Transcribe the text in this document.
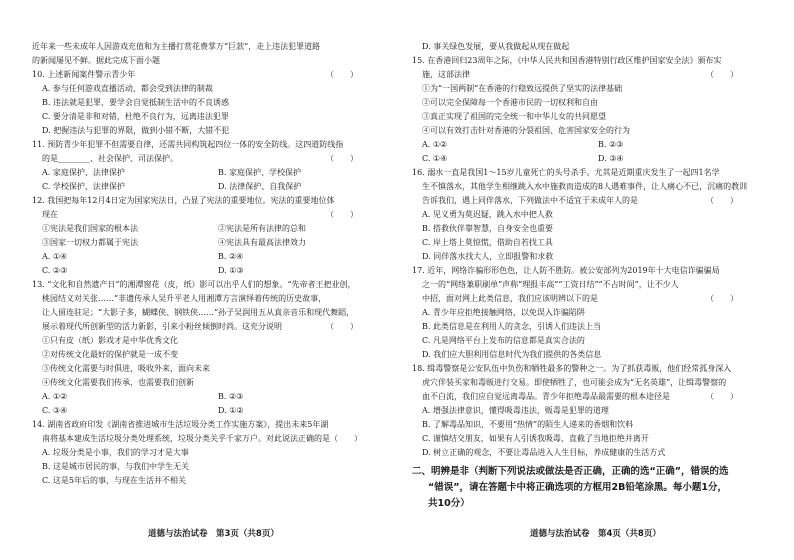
近年来一些未成年人因游戏充值和为主播打赏花费掌万“巨款”，走上违法犯罪道路
的新闻屡见不鲜。据此完成下面小题
10. 上述新闻案件警示青少年	（　　）
A. 参与任何游戏直播活动，都会受到法律的制裁
B. 违法就是犯罪，要学会自觉抵制生活中的不良诱惑
C. 要分清是非和对错，杜绝不良行为，远离违法犯罪
D. 把握违法与犯罪的界限，做到小错不断，大错不犯
11. 预防青少年犯罪不但需要自律，还需共同构筑起四位一体的安全防线。这四道防线指
的是________、社会保护、司法保护。	（　　）
A. 家庭保护、法律保护	B. 家庭保护、学校保护
C. 学校保护、法律保护	D. 法律保护、自我保护
12. 我国把每年12月4日定为国家宪法日，凸显了宪法的重要地位。宪法的重要地位体
现在	（　　）
①宪法是我们国家的根本法	②宪法是所有法律的总和
③国家一切权力都属于宪法	④宪法具有最高法律效力
A. ①④	B. ②④
C. ②③	D. ①③
13. “文化和自然遗产日”的湘潭窗花（皮，纸）影可以出乎人们的想象。“先帝者王把业创，
桃园结义对关张……”非遗传承人吴升平老人用湘潭方言演绎着传统的历史故事，
让人留连驻足；“大影子多，蝴蝶侠、钢铁侠……”孙子吴润用五从真亲音乐和现代舞蹈，
展示着现代所创新型的活力新影，引来小粉丝倾倒时尚。这充分说明	（　　）
①只有皮（纸）影戏才是中华优秀文化
②对传统文化最好的保护就是一成不变
③传统文化需要与时俱进，吸收外来，面向未来
④传统文化需要我们传承，也需要我们创新
A. ①②	B. ②③
C. ③④	D. ①②
14. 湖南省政府印发《湖南省推进城市生活垃圾分类工作实施方案》，提出未来5年湖
南将基本建成生活垃圾分类处理系统，垃圾分类关乎千家万户。对此说法正确的是 （　　）
A. 垃圾分类是小事，我们的学习才是大事
B. 这是城市居民的事，与我们中学生无关
C. 这是5年后的事，与现在生活并不相关
D. 事关绿色发展，要从我做起从现在做起
15. 在香港回归23周年之际，《中华人民共和国香港特别行政区维护国家安全法》颁布实
施，这部法律	（　　）
①为“一国两制”在香港的行稳致远提供了坚实的法律基础
②可以完全保障每一个香港市民的一切权利和自由
③真正实现了祖国的完全统一和中华儿女的共同愿望
④可以有效打击针对香港的分裂祖国、危害国家安全的行为
A. ①②	B. ②③
C. ①④	D. ③④
16. 溺水一直是我国1～15岁儿童死亡的头号杀手。尤其是近期重庆发生了一起四1名学
生不慎落水，其他学生相继跳入水中施救而造成的8人遇难事件，让人痛心不已，沉痛的教训
告诉我们，遇上同伴落水，下列做法中不适宜于未成年人的是	（　　）
A. 见义勇为莫迟疑，跳入水中把人救
B. 搭救伙伴靠智慧，自身安全也重要
C. 岸上塔上莫惊慌，借助自若找工具
D. 同伴落水找大人，立即报警和求救
17. 近年，网络诈骗形形色色，让人防不胜防。被公安部列为2019年十大电信诈骗骗局
之一的“网络兼职刷单”声称“理报丰高”“工资日结”“不占时间”，让不少人
中招，面对网上此类信息，我们应该明辨以下的是	（　　）
A. 青少年应拒绝接触网络，以免误入诈骗陷阱
B. 此类信息是在利用人的贪念，引诱人们违法上当
C. 凡是网络平台上发布的信息都是真实合法的
D. 我们应大胆利用信息时代为我们提供的各类信息
18. 缉毒警察是公安队伍中负伤和牺牲最多的警种之一。为了抓获毒贩，他们经常孤身深入
虎穴伴装买家和毒贩进行交易。即使牺牲了，也可能会成为“无名英雄”，让缉毒警察的
血不白流，我们应自觉远离毒品。青少年拒绝毒品最需要的根本途径是	（　　）
A. 增强法律意识，懂得吸毒违法，贩毒是犯罪的道理
B. 了解毒品知识，不要用“热情”的陌生人递来的香烟和饮料
C. 谨慎结交朋友，如果有人引诱我吸毒，直截了当地拒绝并离开
D. 树立正确的观念，不要让毒品进入人生目标，养成健康的生活方式
二、明辨是非（判断下列说法或做法是否正确，正确的选“正确”，错误的选
“错误”，请在答题卡中将正确选项的方框用2B铅笔涂黑。每小题1分，
共10分）
道德与法治试卷　第3页（共8页）	道德与法治试卷　第4页（共8页）
